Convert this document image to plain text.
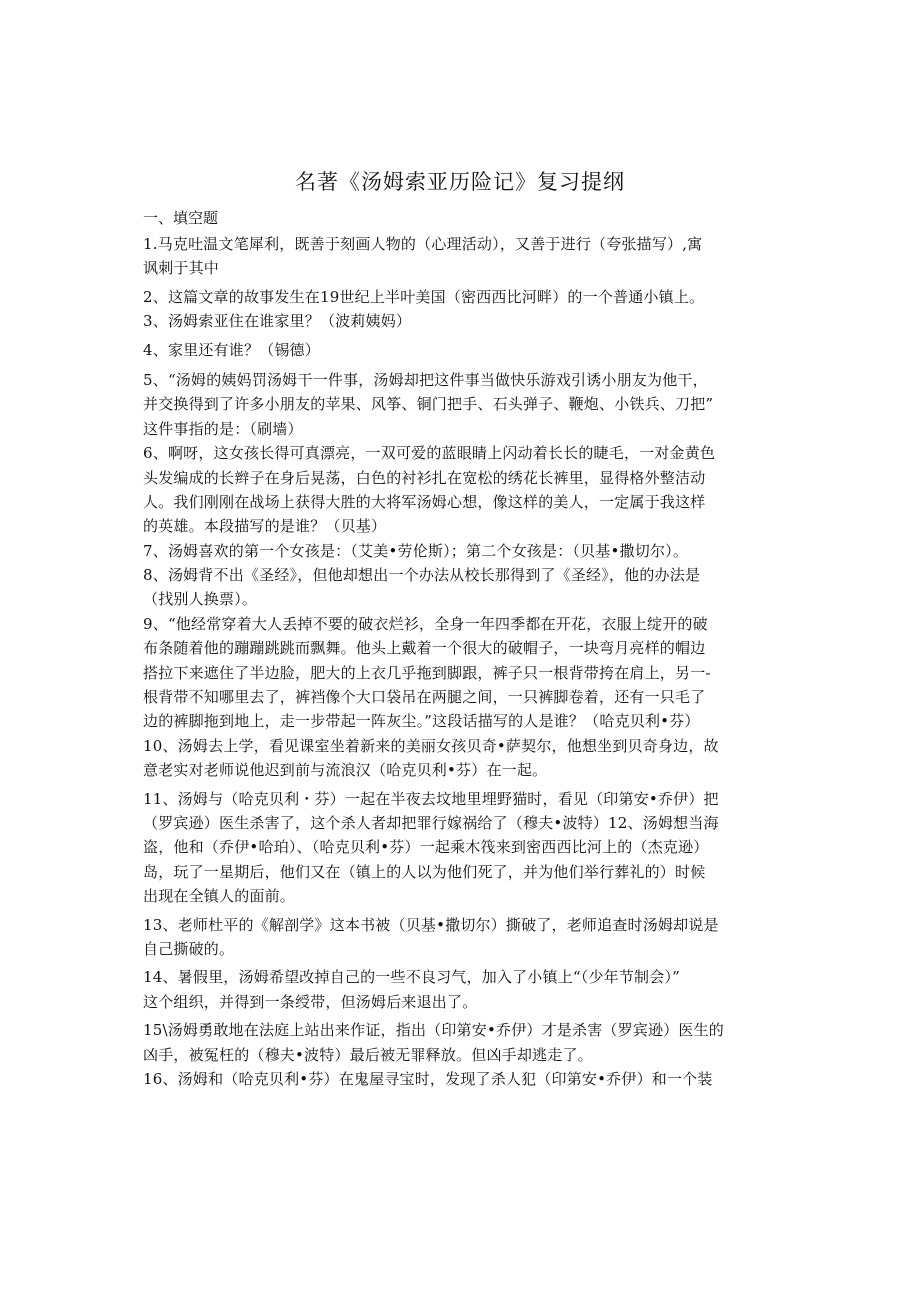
名著《汤姆索亚历险记》复习提纲

一、填空题

1.马克吐温文笔犀利，既善于刻画人物的（心理活动），又善于进行（夸张描写）,寓
讽刺于其中

2、这篇文章的故事发生在19世纪上半叶美国（密西西比河畔）的一个普通小镇上。

3、汤姆索亚住在谁家里？（波莉姨妈）

4、家里还有谁？（锡德）

5、“汤姆的姨妈罚汤姆干一件事，汤姆却把这件事当做快乐游戏引诱小朋友为他干，
并交换得到了许多小朋友的苹果、风筝、铜门把手、石头弹子、鞭炮、小铁兵、刀把”
这件事指的是：（刷墙）

6、啊呀，这女孩长得可真漂亮，一双可爱的蓝眼睛上闪动着长长的睫毛，一对金黄色
头发编成的长辫子在身后晃荡，白色的衬衫扎在宽松的绣花长裤里，显得格外整洁动
人。我们刚刚在战场上获得大胜的大将军汤姆心想，像这样的美人，一定属于我这样
的英雄。本段描写的是谁？（贝基）

7、汤姆喜欢的第一个女孩是：（艾美•劳伦斯）；第二个女孩是：（贝基•撒切尔）。

8、汤姆背不出《圣经》，但他却想出一个办法从校长那得到了《圣经》，他的办法是
（找别人换票）。

9、“他经常穿着大人丢掉不要的破衣烂衫，全身一年四季都在开花，衣服上绽开的破
布条随着他的蹦蹦跳跳而飘舞。他头上戴着一个很大的破帽子，一块弯月亮样的帽边
搭拉下来遮住了半边脸，肥大的上衣几乎拖到脚跟，裤子只一根背带挎在肩上，另一-
根背带不知哪里去了，裤裆像个大口袋吊在两腿之间，一只裤脚卷着，还有一只毛了
边的裤脚拖到地上，走一步带起一阵灰尘。”这段话描写的人是谁？（哈克贝利•芬）

10、汤姆去上学，看见课室坐着新来的美丽女孩贝奇•萨契尔，他想坐到贝奇身边，故
意老实对老师说他迟到前与流浪汉（哈克贝利•芬）在一起。

11、汤姆与（哈克贝利・芬）一起在半夜去坟地里埋野猫时，看见（印第安•乔伊）把
（罗宾逊）医生杀害了，这个杀人者却把罪行嫁祸给了（穆夫•波特）12、汤姆想当海
盗，他和（乔伊•哈珀）、（哈克贝利•芬）一起乘木筏来到密西西比河上的（杰克逊）
岛，玩了一星期后，他们又在（镇上的人以为他们死了，并为他们举行葬礼的）时候
出现在全镇人的面前。

13、老师杜平的《解剖学》这本书被（贝基•撒切尔）撕破了，老师追查时汤姆却说是
自己撕破的。

14、暑假里，汤姆希望改掉自己的一些不良习气，加入了小镇上“（少年节制会）”
这个组织，并得到一条绶带，但汤姆后来退出了。

15\汤姆勇敢地在法庭上站出来作证，指出（印第安•乔伊）才是杀害（罗宾逊）医生的
凶手，被冤枉的（穆夫•波特）最后被无罪释放。但凶手却逃走了。

16、汤姆和（哈克贝利•芬）在鬼屋寻宝时，发现了杀人犯（印第安•乔伊）和一个装
